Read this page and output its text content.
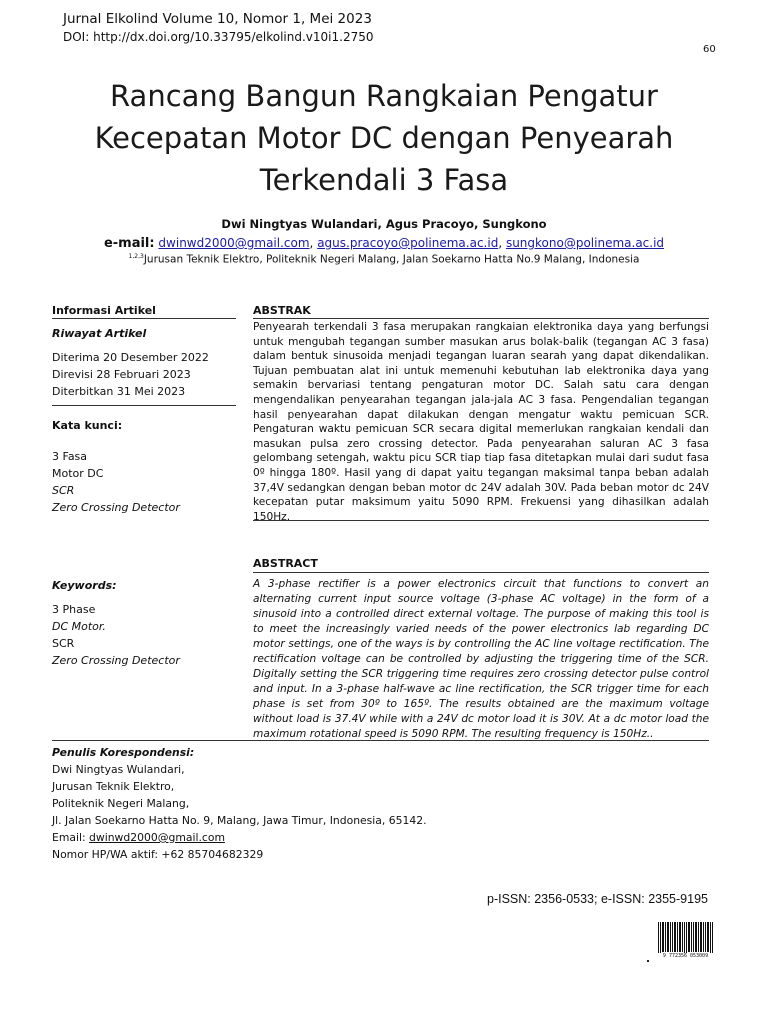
Jurnal Elkolind Volume 10, Nomor 1, Mei 2023
DOI: http://dx.doi.org/10.33795/elkolind.v10i1.2750
60
Rancang Bangun Rangkaian Pengatur
Kecepatan Motor DC dengan Penyearah
Terkendali 3 Fasa
Dwi Ningtyas Wulandari, Agus Pracoyo, Sungkono
e-mail: dwinwd2000@gmail.com, agus.pracoyo@polinema.ac.id, sungkono@polinema.ac.id
$^{1,2,3}$Jurusan Teknik Elektro, Politeknik Negeri Malang, Jalan Soekarno Hatta No.9 Malang, Indonesia
Informasi Artikel
Riwayat Artikel
Diterima 20 Desember 2022
Direvisi 28 Februari 2023
Diterbitkan 31 Mei 2023
Kata kunci:
3 Fasa
Motor DC
SCR
Zero Crossing Detector
Keywords:
3 Phase
DC Motor.
SCR
Zero Crossing Detector
ABSTRAK
Penyearah terkendali 3 fasa merupakan rangkaian elektronika daya yang berfungsi untuk mengubah tegangan sumber masukan arus bolak-balik (tegangan AC 3 fasa) dalam bentuk sinusoida menjadi tegangan luaran searah yang dapat dikendalikan. Tujuan pembuatan alat ini untuk memenuhi kebutuhan lab elektronika daya yang semakin bervariasi tentang pengaturan motor DC. Salah satu cara dengan mengendalikan penyearahan tegangan jala-jala AC 3 fasa. Pengendalian tegangan hasil penyearahan dapat dilakukan dengan mengatur waktu pemicuan SCR. Pengaturan waktu pemicuan SCR secara digital memerlukan rangkaian kendali dan masukan pulsa zero crossing detector. Pada penyearahan saluran AC 3 fasa gelombang setengah, waktu picu SCR tiap tiap fasa ditetapkan mulai dari sudut fasa 0º hingga 180º. Hasil yang di dapat yaitu tegangan maksimal tanpa beban adalah 37,4V sedangkan dengan beban motor dc 24V adalah 30V. Pada beban motor dc 24V kecepatan putar maksimum yaitu 5090 RPM. Frekuensi yang dihasilkan adalah 150Hz.
ABSTRACT
A 3-phase rectifier is a power electronics circuit that functions to convert an alternating current input source voltage (3-phase AC voltage) in the form of a sinusoid into a controlled direct external voltage. The purpose of making this tool is to meet the increasingly varied needs of the power electronics lab regarding DC motor settings, one of the ways is by controlling the AC line voltage rectification. The rectification voltage can be controlled by adjusting the triggering time of the SCR. Digitally setting the SCR triggering time requires zero crossing detector pulse control and input. In a 3-phase half-wave ac line rectification, the SCR trigger time for each phase is set from 30º to 165º. The results obtained are the maximum voltage without load is 37.4V while with a 24V dc motor load it is 30V. At a dc motor load the maximum rotational speed is 5090 RPM. The resulting frequency is 150Hz..
Penulis Korespondensi:
Dwi Ningtyas Wulandari,
Jurusan Teknik Elektro,
Politeknik Negeri Malang,
Jl. Jalan Soekarno Hatta No. 9, Malang, Jawa Timur, Indonesia, 65142.
Email: dwinwd2000@gmail.com
Nomor HP/WA aktif: +62 85704682329
p-ISSN: 2356-0533; e-ISSN: 2355-9195
9 772356 053009
